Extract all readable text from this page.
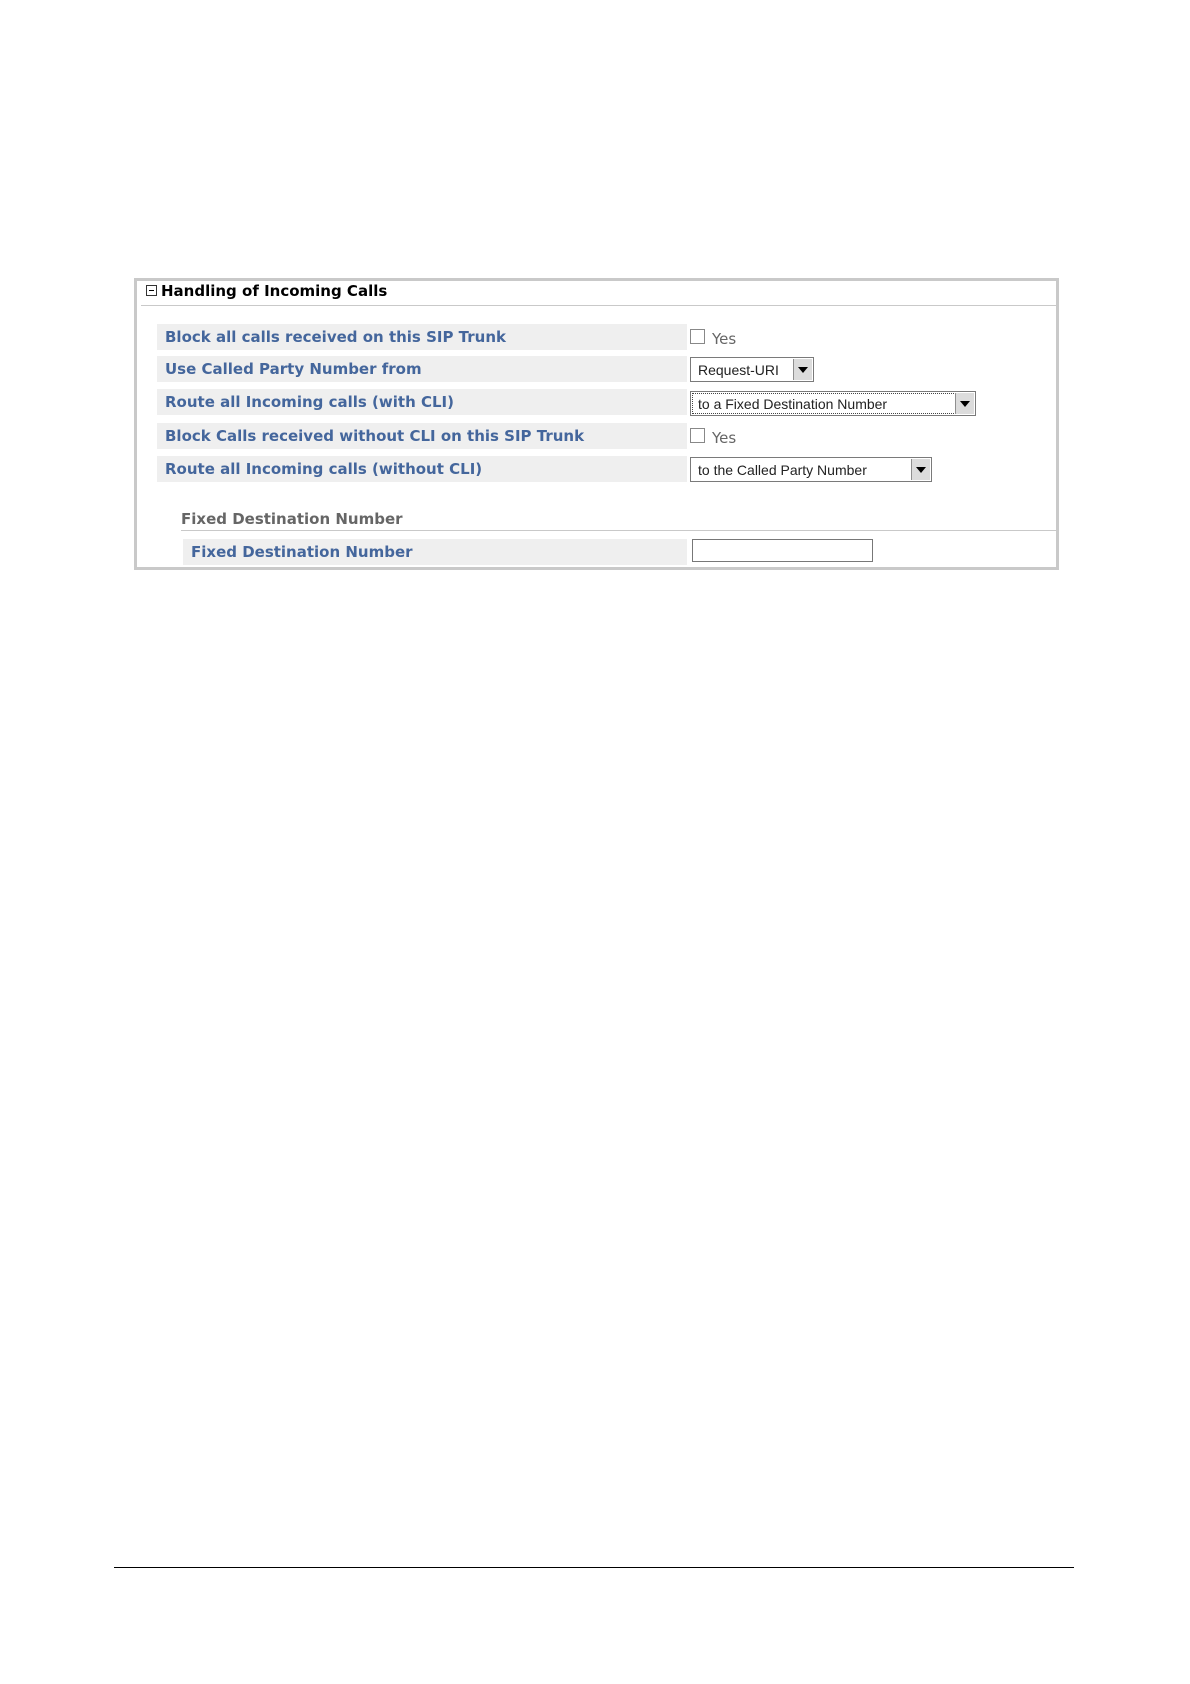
Handling of Incoming Calls
Block all calls received on this SIP Trunk	Yes
Use Called Party Number from	Request-URI
Route all Incoming calls (with CLI)	to a Fixed Destination Number
Block Calls received without CLI on this SIP Trunk	Yes
Route all Incoming calls (without CLI)	to the Called Party Number
Fixed Destination Number
Fixed Destination Number
